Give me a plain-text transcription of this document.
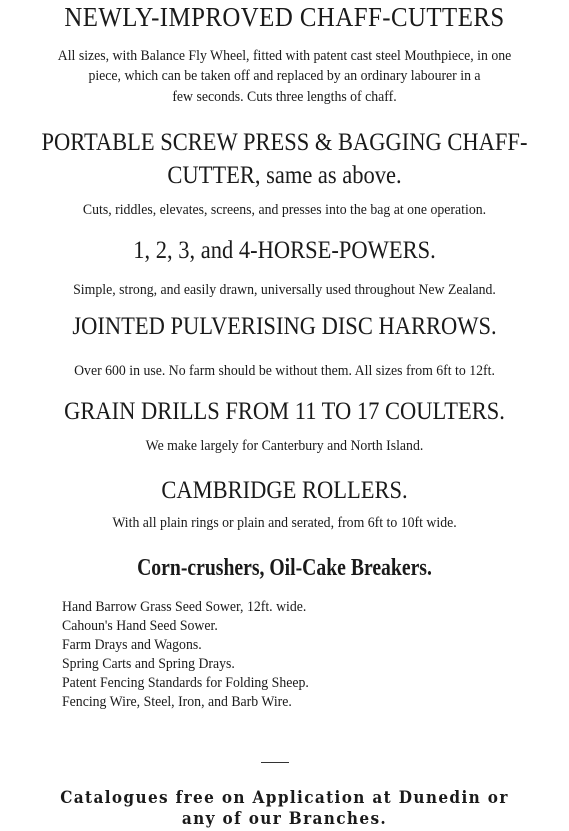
NEWLY-IMPROVED CHAFF-CUTTERS
All sizes, with Balance Fly Wheel, fitted with patent cast steel Mouthpiece, in one
piece, which can be taken off and replaced by an ordinary labourer in a
few seconds. Cuts three lengths of chaff.
PORTABLE SCREW PRESS & BAGGING CHAFF-
CUTTER, same as above.
Cuts, riddles, elevates, screens, and presses into the bag at one operation.
1, 2, 3, and 4-HORSE-POWERS.
Simple, strong, and easily drawn, universally used throughout New Zealand.
JOINTED PULVERISING DISC HARROWS.
Over 600 in use. No farm should be without them. All sizes from 6ft to 12ft.
GRAIN DRILLS FROM 11 TO 17 COULTERS.
We make largely for Canterbury and North Island.
CAMBRIDGE ROLLERS.
With all plain rings or plain and serated, from 6ft to 10ft wide.
Corn-crushers, Oil-Cake Breakers.
Hand Barrow Grass Seed Sower, 12ft. wide.
Cahoun's Hand Seed Sower.
Farm Drays and Wagons.
Spring Carts and Spring Drays.
Patent Fencing Standards for Folding Sheep.
Fencing Wire, Steel, Iron, and Barb Wire.
Catalogues free on Application at Dunedin or
any of our Branches.
